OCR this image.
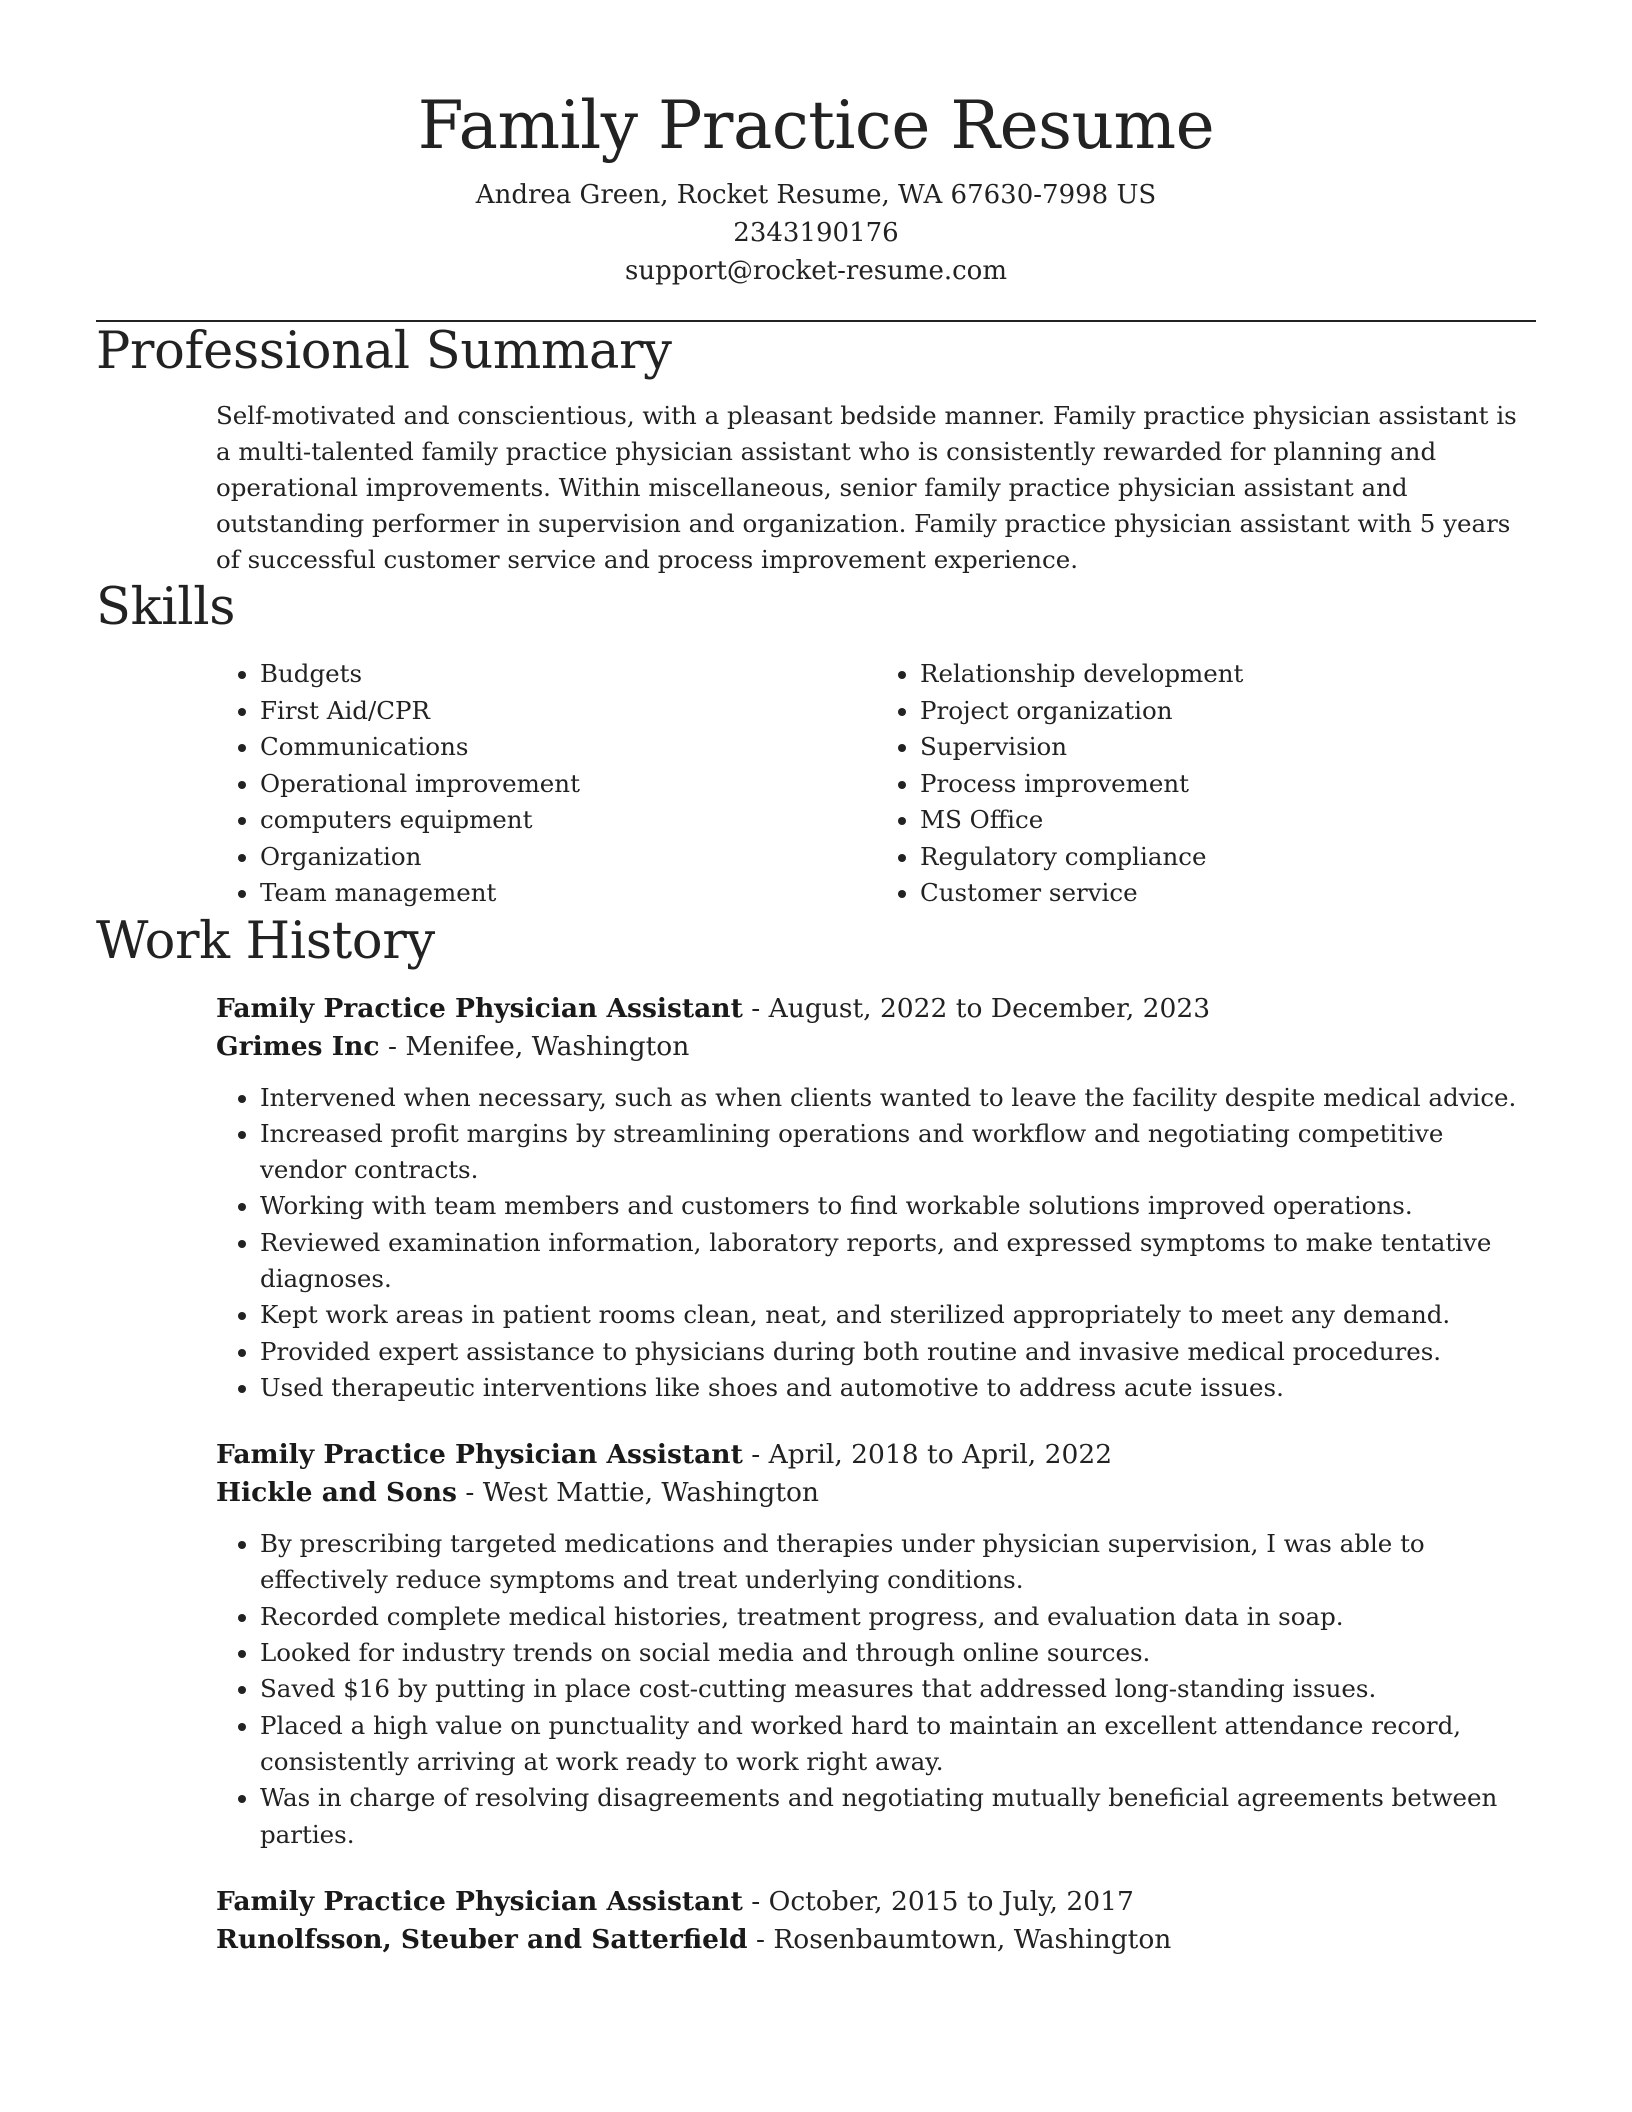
Family Practice Resume

Andrea Green, Rocket Resume, WA 67630-7998 US

2343190176

support@rocket-resume.com

Professional Summary

Self-motivated and conscientious, with a pleasant bedside manner. Family practice physician assistant is a multi-talented family practice physician assistant who is consistently rewarded for planning and operational improvements. Within miscellaneous, senior family practice physician assistant and outstanding performer in supervision and organization. Family practice physician assistant with 5 years of successful customer service and process improvement experience.

Skills
• Budgets
• First Aid/CPR
• Communications
• Operational improvement
• computers equipment
• Organization
• Team management
• Relationship development
• Project organization
• Supervision
• Process improvement
• MS Office
• Regulatory compliance
• Customer service
Work History

Family Practice Physician Assistant - August, 2022 to December, 2023

Grimes Inc - Menifee, Washington

• Intervened when necessary, such as when clients wanted to leave the facility despite medical advice.
• Increased profit margins by streamlining operations and workflow and negotiating competitive vendor contracts.
• Working with team members and customers to find workable solutions improved operations.
• Reviewed examination information, laboratory reports, and expressed symptoms to make tentative diagnoses.
• Kept work areas in patient rooms clean, neat, and sterilized appropriately to meet any demand.
• Provided expert assistance to physicians during both routine and invasive medical procedures.
• Used therapeutic interventions like shoes and automotive to address acute issues.

Family Practice Physician Assistant - April, 2018 to April, 2022

Hickle and Sons - West Mattie, Washington

• By prescribing targeted medications and therapies under physician supervision, I was able to effectively reduce symptoms and treat underlying conditions.
• Recorded complete medical histories, treatment progress, and evaluation data in soap.
• Looked for industry trends on social media and through online sources.
• Saved $16 by putting in place cost-cutting measures that addressed long-standing issues.
• Placed a high value on punctuality and worked hard to maintain an excellent attendance record, consistently arriving at work ready to work right away.
• Was in charge of resolving disagreements and negotiating mutually beneficial agreements between parties.

Family Practice Physician Assistant - October, 2015 to July, 2017

Runolfsson, Steuber and Satterfield - Rosenbaumtown, Washington
